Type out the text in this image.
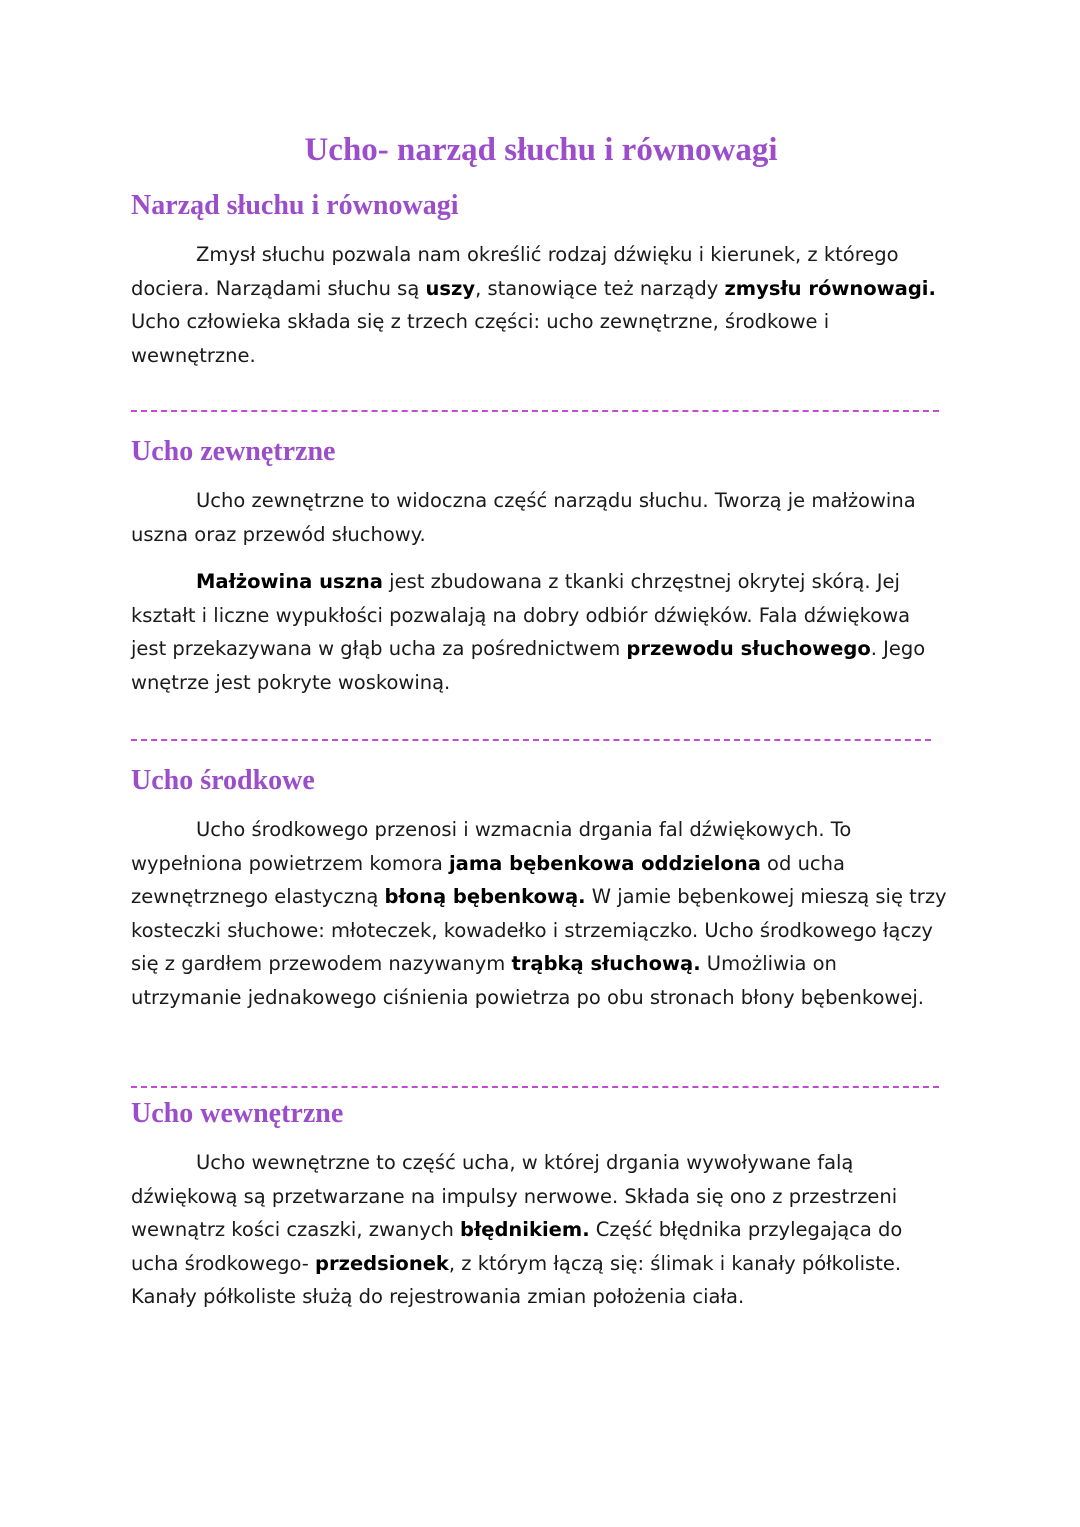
Ucho- narząd słuchu i równowagi
Narząd słuchu i równowagi

Zmysł słuchu pozwala nam określić rodzaj dźwięku i kierunek, z którego dociera. Narządami słuchu są uszy, stanowiące też narządy zmysłu równowagi. Ucho człowieka składa się z trzech części: ucho zewnętrzne, środkowe i wewnętrzne.

Ucho zewnętrzne

Ucho zewnętrzne to widoczna część narządu słuchu. Tworzą je małżowina uszna oraz przewód słuchowy.

Małżowina uszna jest zbudowana z tkanki chrzęstnej okrytej skórą. Jej kształt i liczne wypukłości pozwalają na dobry odbiór dźwięków. Fala dźwiękowa jest przekazywana w głąb ucha za pośrednictwem przewodu słuchowego. Jego wnętrze jest pokryte woskowiną.

Ucho środkowe

Ucho środkowego przenosi i wzmacnia drgania fal dźwiękowych. To wypełniona powietrzem komora jama bębenkowa oddzielona od ucha zewnętrznego elastyczną błoną bębenkową. W jamie bębenkowej mieszą się trzy kosteczki słuchowe: młoteczek, kowadełko i strzemiączko. Ucho środkowego łączy się z gardłem przewodem nazywanym trąbką słuchową. Umożliwia on utrzymanie jednakowego ciśnienia powietrza po obu stronach błony bębenkowej.

Ucho wewnętrzne

Ucho wewnętrzne to część ucha, w której drgania wywoływane falą dźwiękową są przetwarzane na impulsy nerwowe. Składa się ono z przestrzeni wewnątrz kości czaszki, zwanych błędnikiem. Część błędnika przylegająca do ucha środkowego- przedsionek, z którym łączą się: ślimak i kanały półkoliste. Kanały półkoliste służą do rejestrowania zmian położenia ciała.
